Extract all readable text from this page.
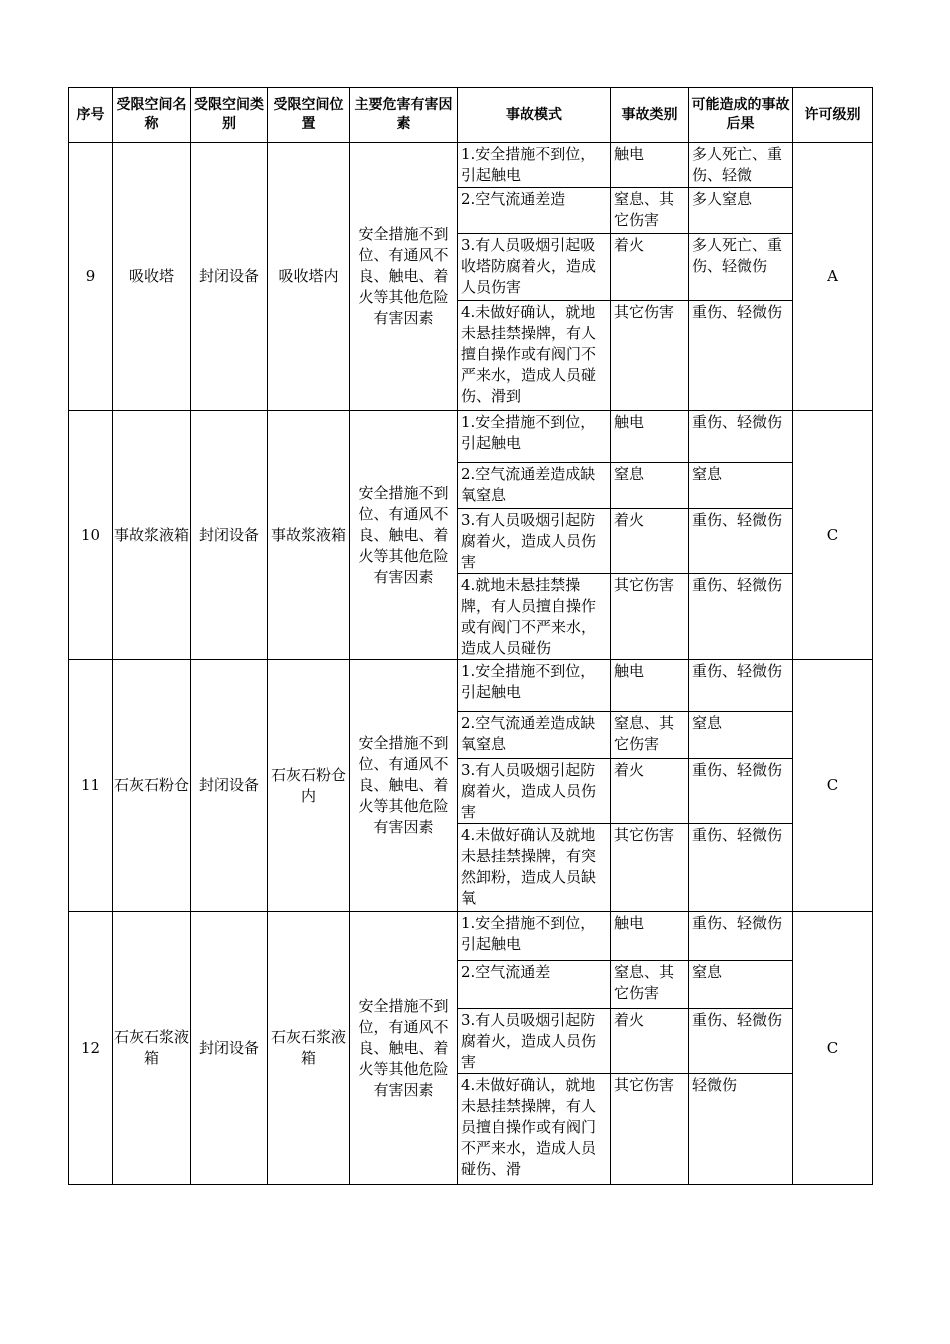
序号	受限空间名称	受限空间类别	受限空间位置	主要危害有害因素	事故模式	事故类别	可能造成的事故后果	许可级别
9	吸收塔	封闭设备	吸收塔内	安全措施不到位、有通风不良、触电、着火等其他危险有害因素	1.安全措施不到位，引起触电	触电	多人死亡、重伤、轻微	A
					2.空气流通差造	窒息、其它伤害	多人窒息	
					3.有人员吸烟引起吸收塔防腐着火，造成人员伤害	着火	多人死亡、重伤、轻微伤	
					4.未做好确认，就地未悬挂禁操牌，有人擅自操作或有阀门不严来水，造成人员碰伤、滑到	其它伤害	重伤、轻微伤	
10	事故浆液箱	封闭设备	事故浆液箱	安全措施不到位、有通风不良、触电、着火等其他危险有害因素	1.安全措施不到位，引起触电	触电	重伤、轻微伤	C
					2.空气流通差造成缺氧窒息	窒息	窒息	
					3.有人员吸烟引起防腐着火，造成人员伤害	着火	重伤、轻微伤	
					4.就地未悬挂禁操牌，有人员擅自操作或有阀门不严来水，造成人员碰伤	其它伤害	重伤、轻微伤	
11	石灰石粉仓	封闭设备	石灰石粉仓内	安全措施不到位、有通风不良、触电、着火等其他危险有害因素	1.安全措施不到位，引起触电	触电	重伤、轻微伤	C
					2.空气流通差造成缺氧窒息	窒息、其它伤害	窒息	
					3.有人员吸烟引起防腐着火，造成人员伤害	着火	重伤、轻微伤	
					4.未做好确认及就地未悬挂禁操牌，有突然卸粉，造成人员缺氧	其它伤害	重伤、轻微伤	
12	石灰石浆液箱	封闭设备	石灰石浆液箱	安全措施不到位，有通风不良、触电、着火等其他危险有害因素	1.安全措施不到位，引起触电	触电	重伤、轻微伤	C
					2.空气流通差	窒息、其它伤害	窒息	
					3.有人员吸烟引起防腐着火，造成人员伤害	着火	重伤、轻微伤	
					4.未做好确认，就地未悬挂禁操牌，有人员擅自操作或有阀门不严来水，造成人员碰伤、滑	其它伤害	轻微伤	
